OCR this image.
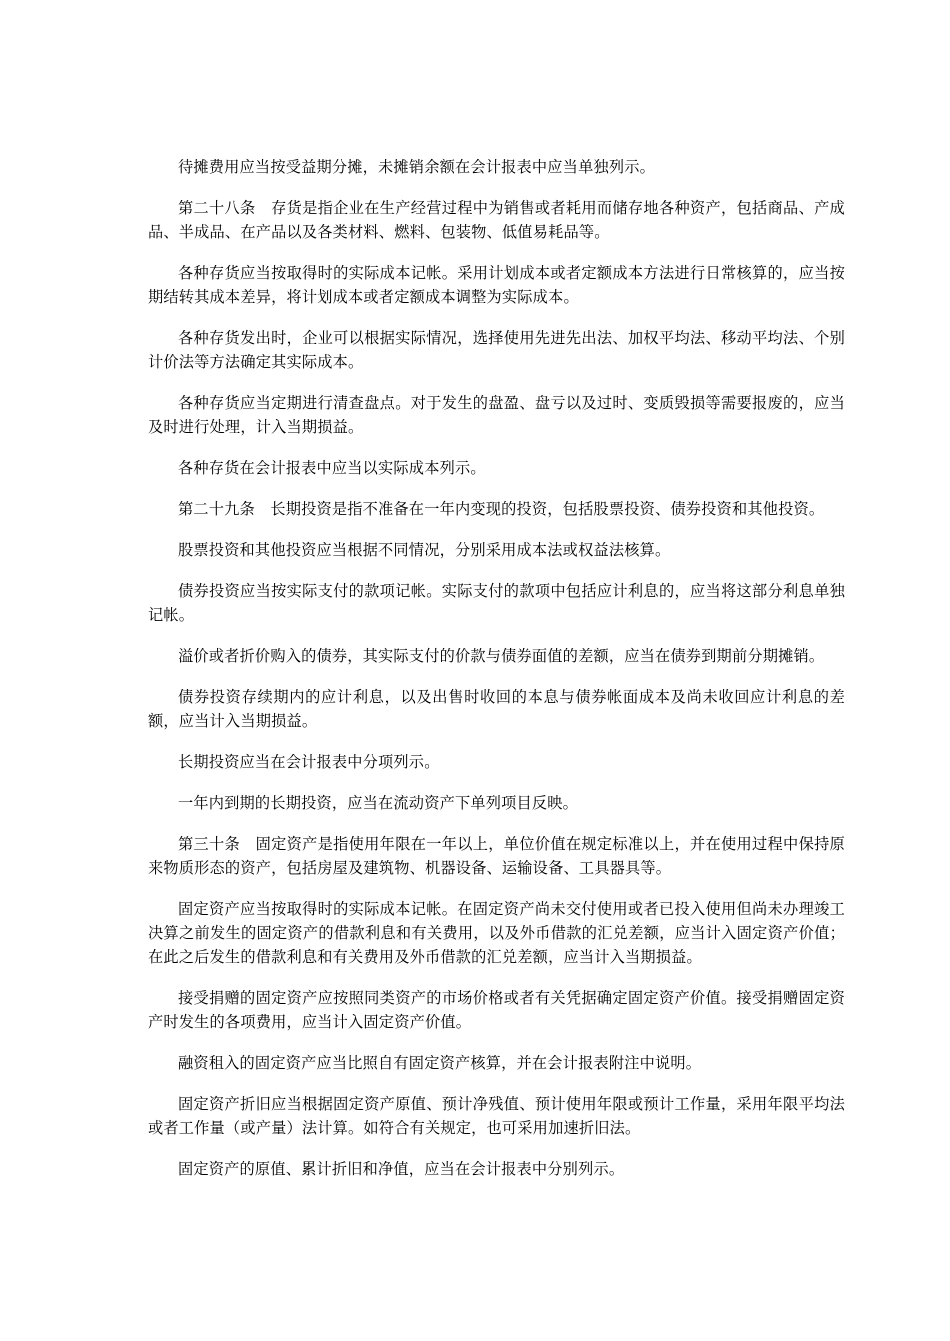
待摊费用应当按受益期分摊，未摊销余额在会计报表中应当单独列示。

第二十八条　存货是指企业在生产经营过程中为销售或者耗用而储存地各种资产，包括商品、产成品、半成品、在产品以及各类材料、燃料、包装物、低值易耗品等。

各种存货应当按取得时的实际成本记帐。采用计划成本或者定额成本方法进行日常核算的，应当按期结转其成本差异，将计划成本或者定额成本调整为实际成本。

各种存货发出时，企业可以根据实际情况，选择使用先进先出法、加权平均法、移动平均法、个别计价法等方法确定其实际成本。

各种存货应当定期进行清查盘点。对于发生的盘盈、盘亏以及过时、变质毁损等需要报废的，应当及时进行处理，计入当期损益。

各种存货在会计报表中应当以实际成本列示。

第二十九条　长期投资是指不准备在一年内变现的投资，包括股票投资、债券投资和其他投资。

股票投资和其他投资应当根据不同情况，分别采用成本法或权益法核算。

债券投资应当按实际支付的款项记帐。实际支付的款项中包括应计利息的，应当将这部分利息单独记帐。

溢价或者折价购入的债券，其实际支付的价款与债券面值的差额，应当在债券到期前分期摊销。

债券投资存续期内的应计利息，以及出售时收回的本息与债券帐面成本及尚未收回应计利息的差额，应当计入当期损益。

长期投资应当在会计报表中分项列示。

一年内到期的长期投资，应当在流动资产下单列项目反映。

第三十条　固定资产是指使用年限在一年以上，单位价值在规定标准以上，并在使用过程中保持原来物质形态的资产，包括房屋及建筑物、机器设备、运输设备、工具器具等。

固定资产应当按取得时的实际成本记帐。在固定资产尚未交付使用或者已投入使用但尚未办理竣工决算之前发生的固定资产的借款利息和有关费用，以及外币借款的汇兑差额，应当计入固定资产价值；在此之后发生的借款利息和有关费用及外币借款的汇兑差额，应当计入当期损益。

接受捐赠的固定资产应按照同类资产的市场价格或者有关凭据确定固定资产价值。接受捐赠固定资产时发生的各项费用，应当计入固定资产价值。

融资租入的固定资产应当比照自有固定资产核算，并在会计报表附注中说明。

固定资产折旧应当根据固定资产原值、预计净残值、预计使用年限或预计工作量，采用年限平均法或者工作量（或产量）法计算。如符合有关规定，也可采用加速折旧法。

固定资产的原值、累计折旧和净值，应当在会计报表中分别列示。
